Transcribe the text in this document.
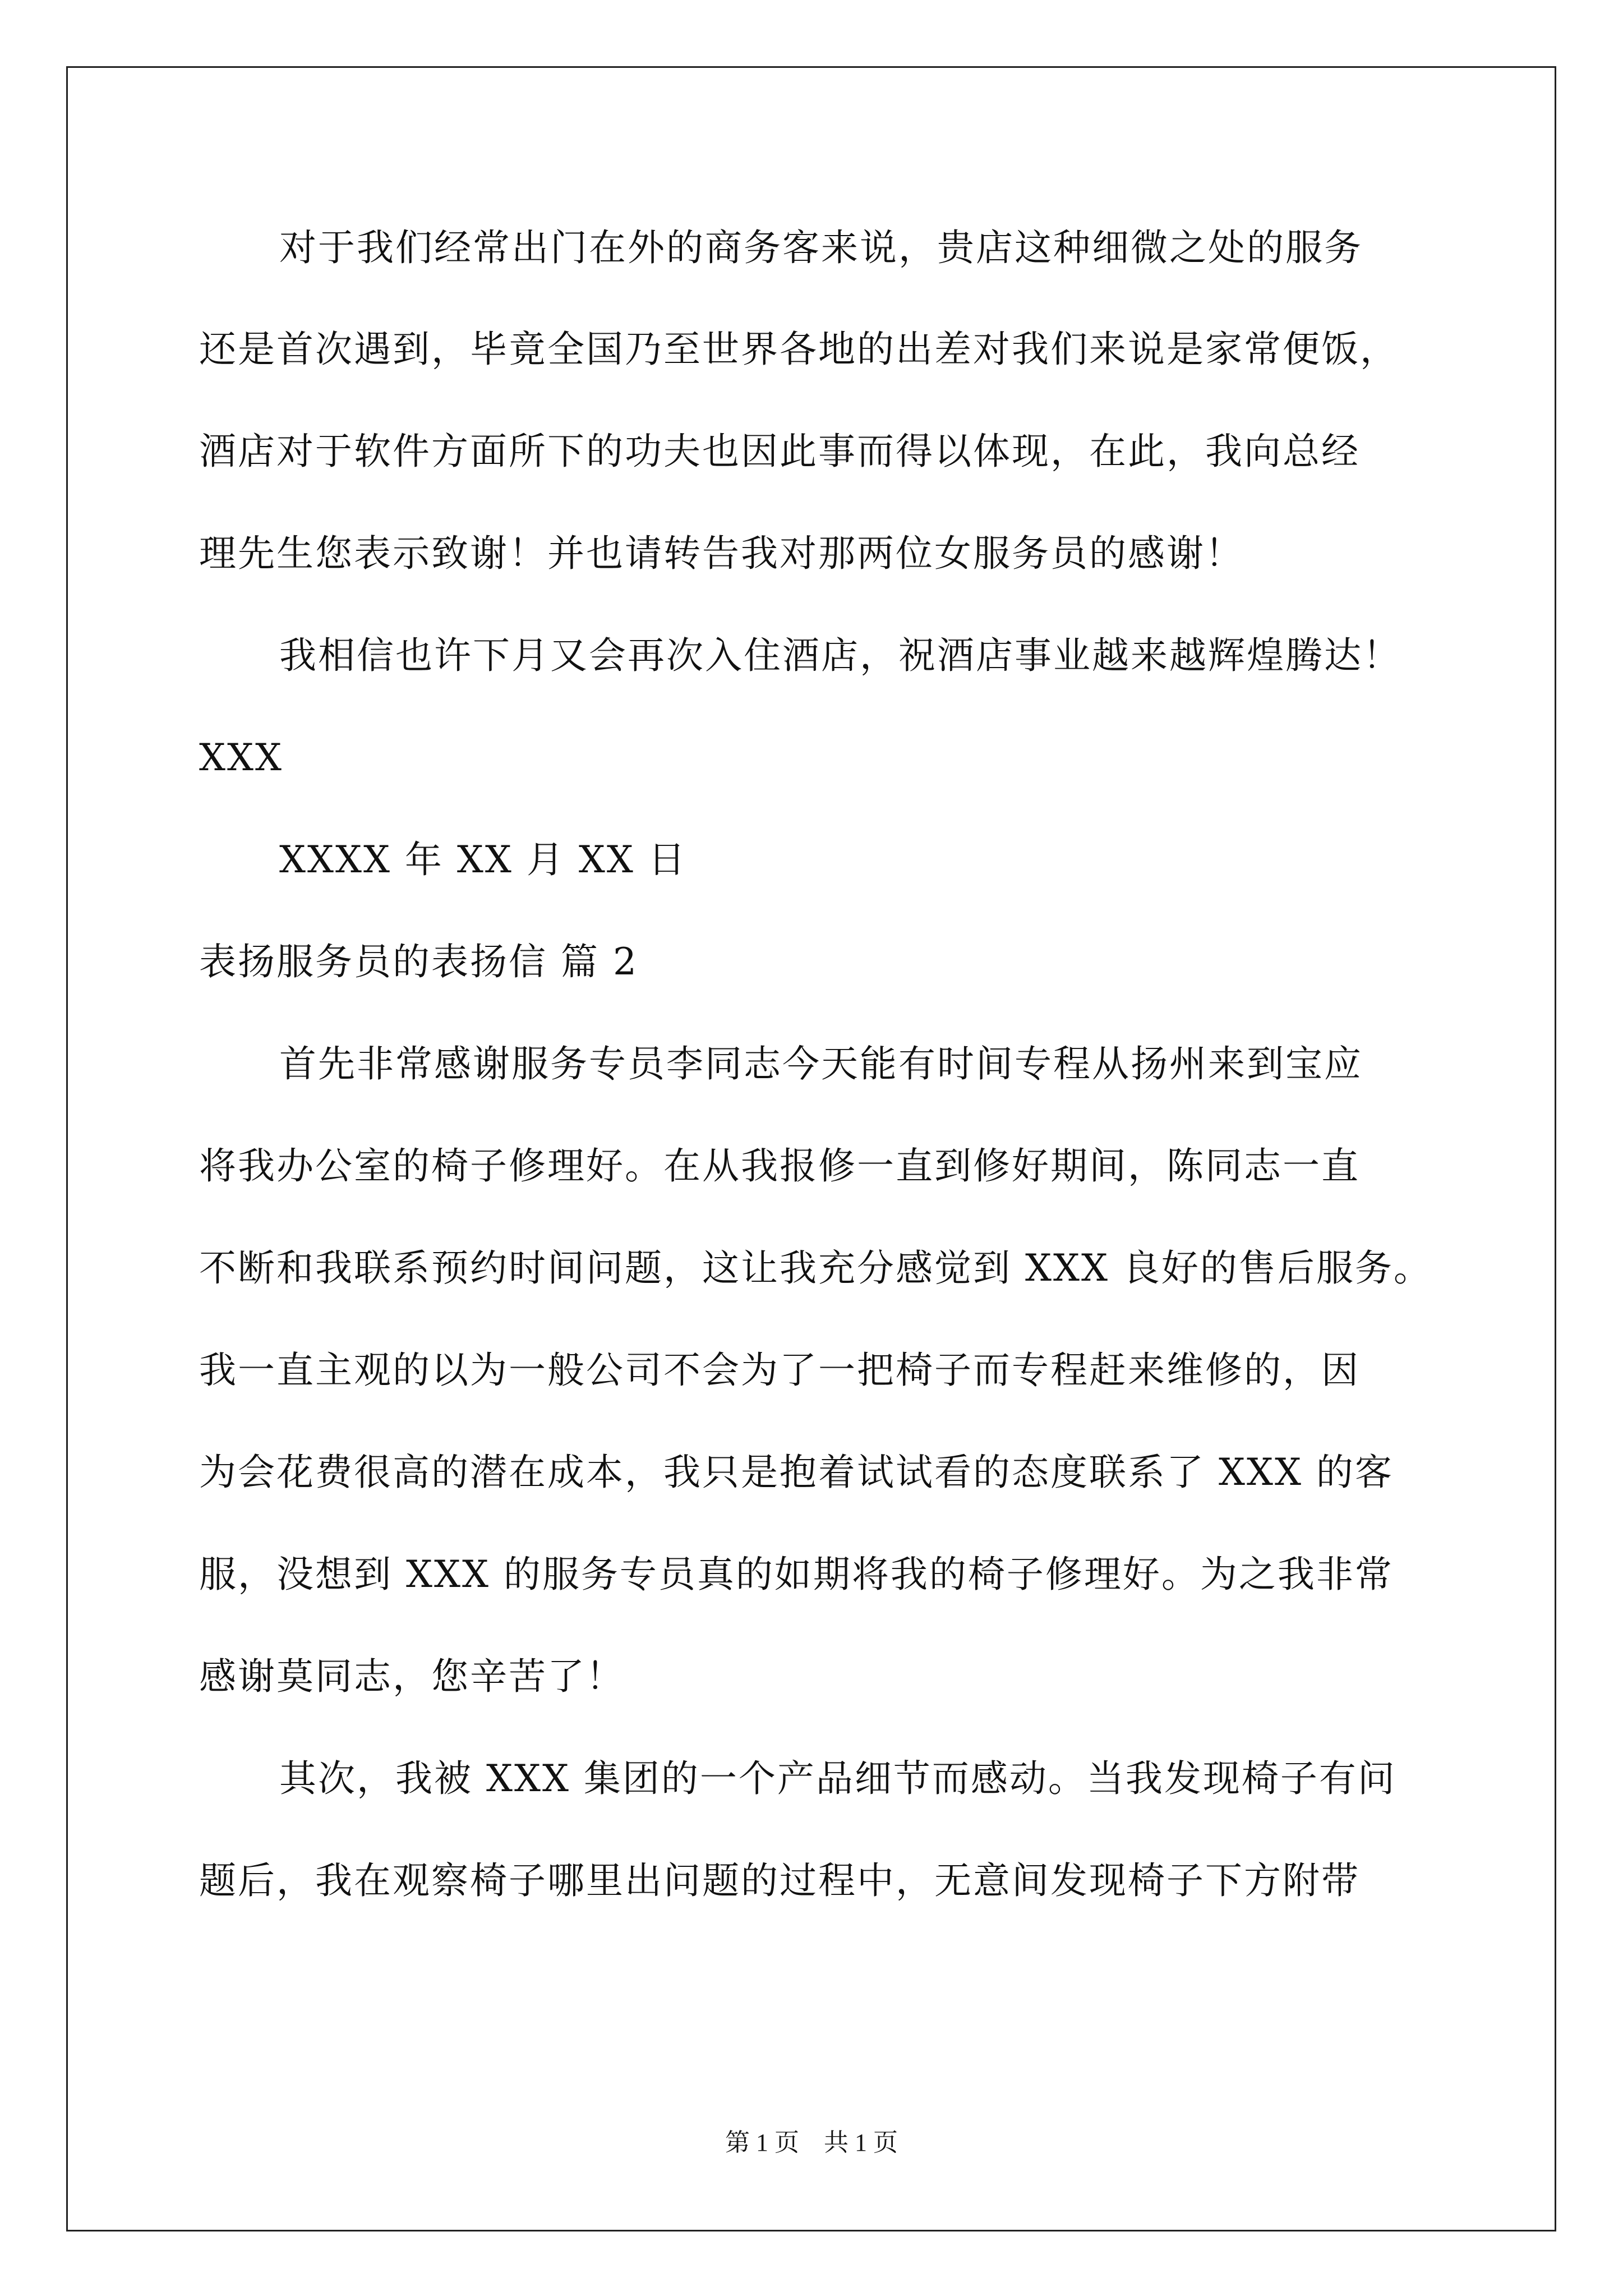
对于我们经常出门在外的商务客来说，贵店这种细微之处的服务
还是首次遇到，毕竟全国乃至世界各地的出差对我们来说是家常便饭，
酒店对于软件方面所下的功夫也因此事而得以体现，在此，我向总经
理先生您表示致谢！并也请转告我对那两位女服务员的感谢！
我相信也许下月又会再次入住酒店，祝酒店事业越来越辉煌腾达！
XXX
XXXX 年 XX 月 XX 日
表扬服务员的表扬信 篇 2
首先非常感谢服务专员李同志今天能有时间专程从扬州来到宝应
将我办公室的椅子修理好。在从我报修一直到修好期间，陈同志一直
不断和我联系预约时间问题，这让我充分感觉到 XXX 良好的售后服务。
我一直主观的以为一般公司不会为了一把椅子而专程赶来维修的，因
为会花费很高的潜在成本，我只是抱着试试看的态度联系了 XXX 的客
服，没想到 XXX 的服务专员真的如期将我的椅子修理好。为之我非常
感谢莫同志，您辛苦了！
其次，我被 XXX 集团的一个产品细节而感动。当我发现椅子有问
题后，我在观察椅子哪里出问题的过程中，无意间发现椅子下方附带
第 1 页    共 1 页
